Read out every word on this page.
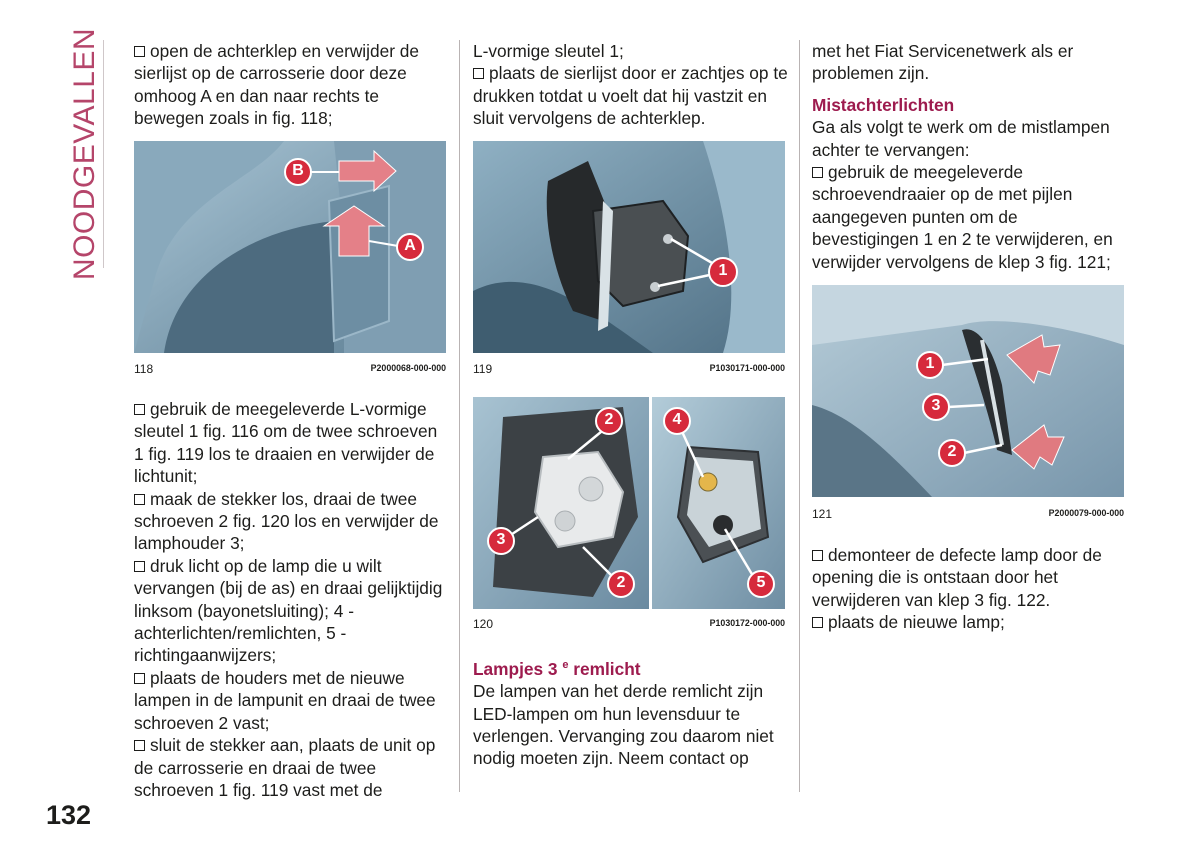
NOODGEVALLEN	open de achterklep en verwijder de sierlijst op de carrosserie door deze omhoog A en dan naar rechts te bewegen zoals in fig. 118;

B
A
118	P2000068-000-000

gebruik de meegeleverde L-vormige sleutel 1 fig. 116 om de twee schroeven 1 fig. 119 los te draaien en verwijder de lichtunit;

maak de stekker los, draai de twee schroeven 2 fig. 120 los en verwijder de lamphouder 3;

druk licht op de lamp die u wilt vervangen (bij de as) en draai gelijktijdig linksom (bayonetsluiting); 4 - achterlichten/remlichten, 5 - richtingaanwijzers;

plaats de houders met de nieuwe lampen in de lampunit en draai de twee schroeven 2 vast;

sluit de stekker aan, plaats de unit op de carrosserie en draai de twee schroeven 1 fig. 119 vast met de

L-vormige sleutel 1;

plaats de sierlijst door er zachtjes op te drukken totdat u voelt dat hij vastzit en sluit vervolgens de achterklep.

1
119	P1030171-000-000
2
3
2
4
5
120	P1030172-000-000

Lampjes 3 $^e$ remlicht

De lampen van het derde remlicht zijn LED-lampen om hun levensduur te verlengen. Vervanging zou daarom niet nodig moeten zijn. Neem contact op

met het Fiat Servicenetwerk als er problemen zijn.

Mistachterlichten

Ga als volgt te werk om de mistlampen achter te vervangen:

gebruik de meegeleverde schroevendraaier op de met pijlen aangegeven punten om de bevestigingen 1 en 2 te verwijderen, en verwijder vervolgens de klep 3 fig. 121;

1
3
2
121	P2000079-000-000

demonteer de defecte lamp door de opening die is ontstaan door het verwijderen van klep 3 fig. 122.

plaats de nieuwe lamp;

132
